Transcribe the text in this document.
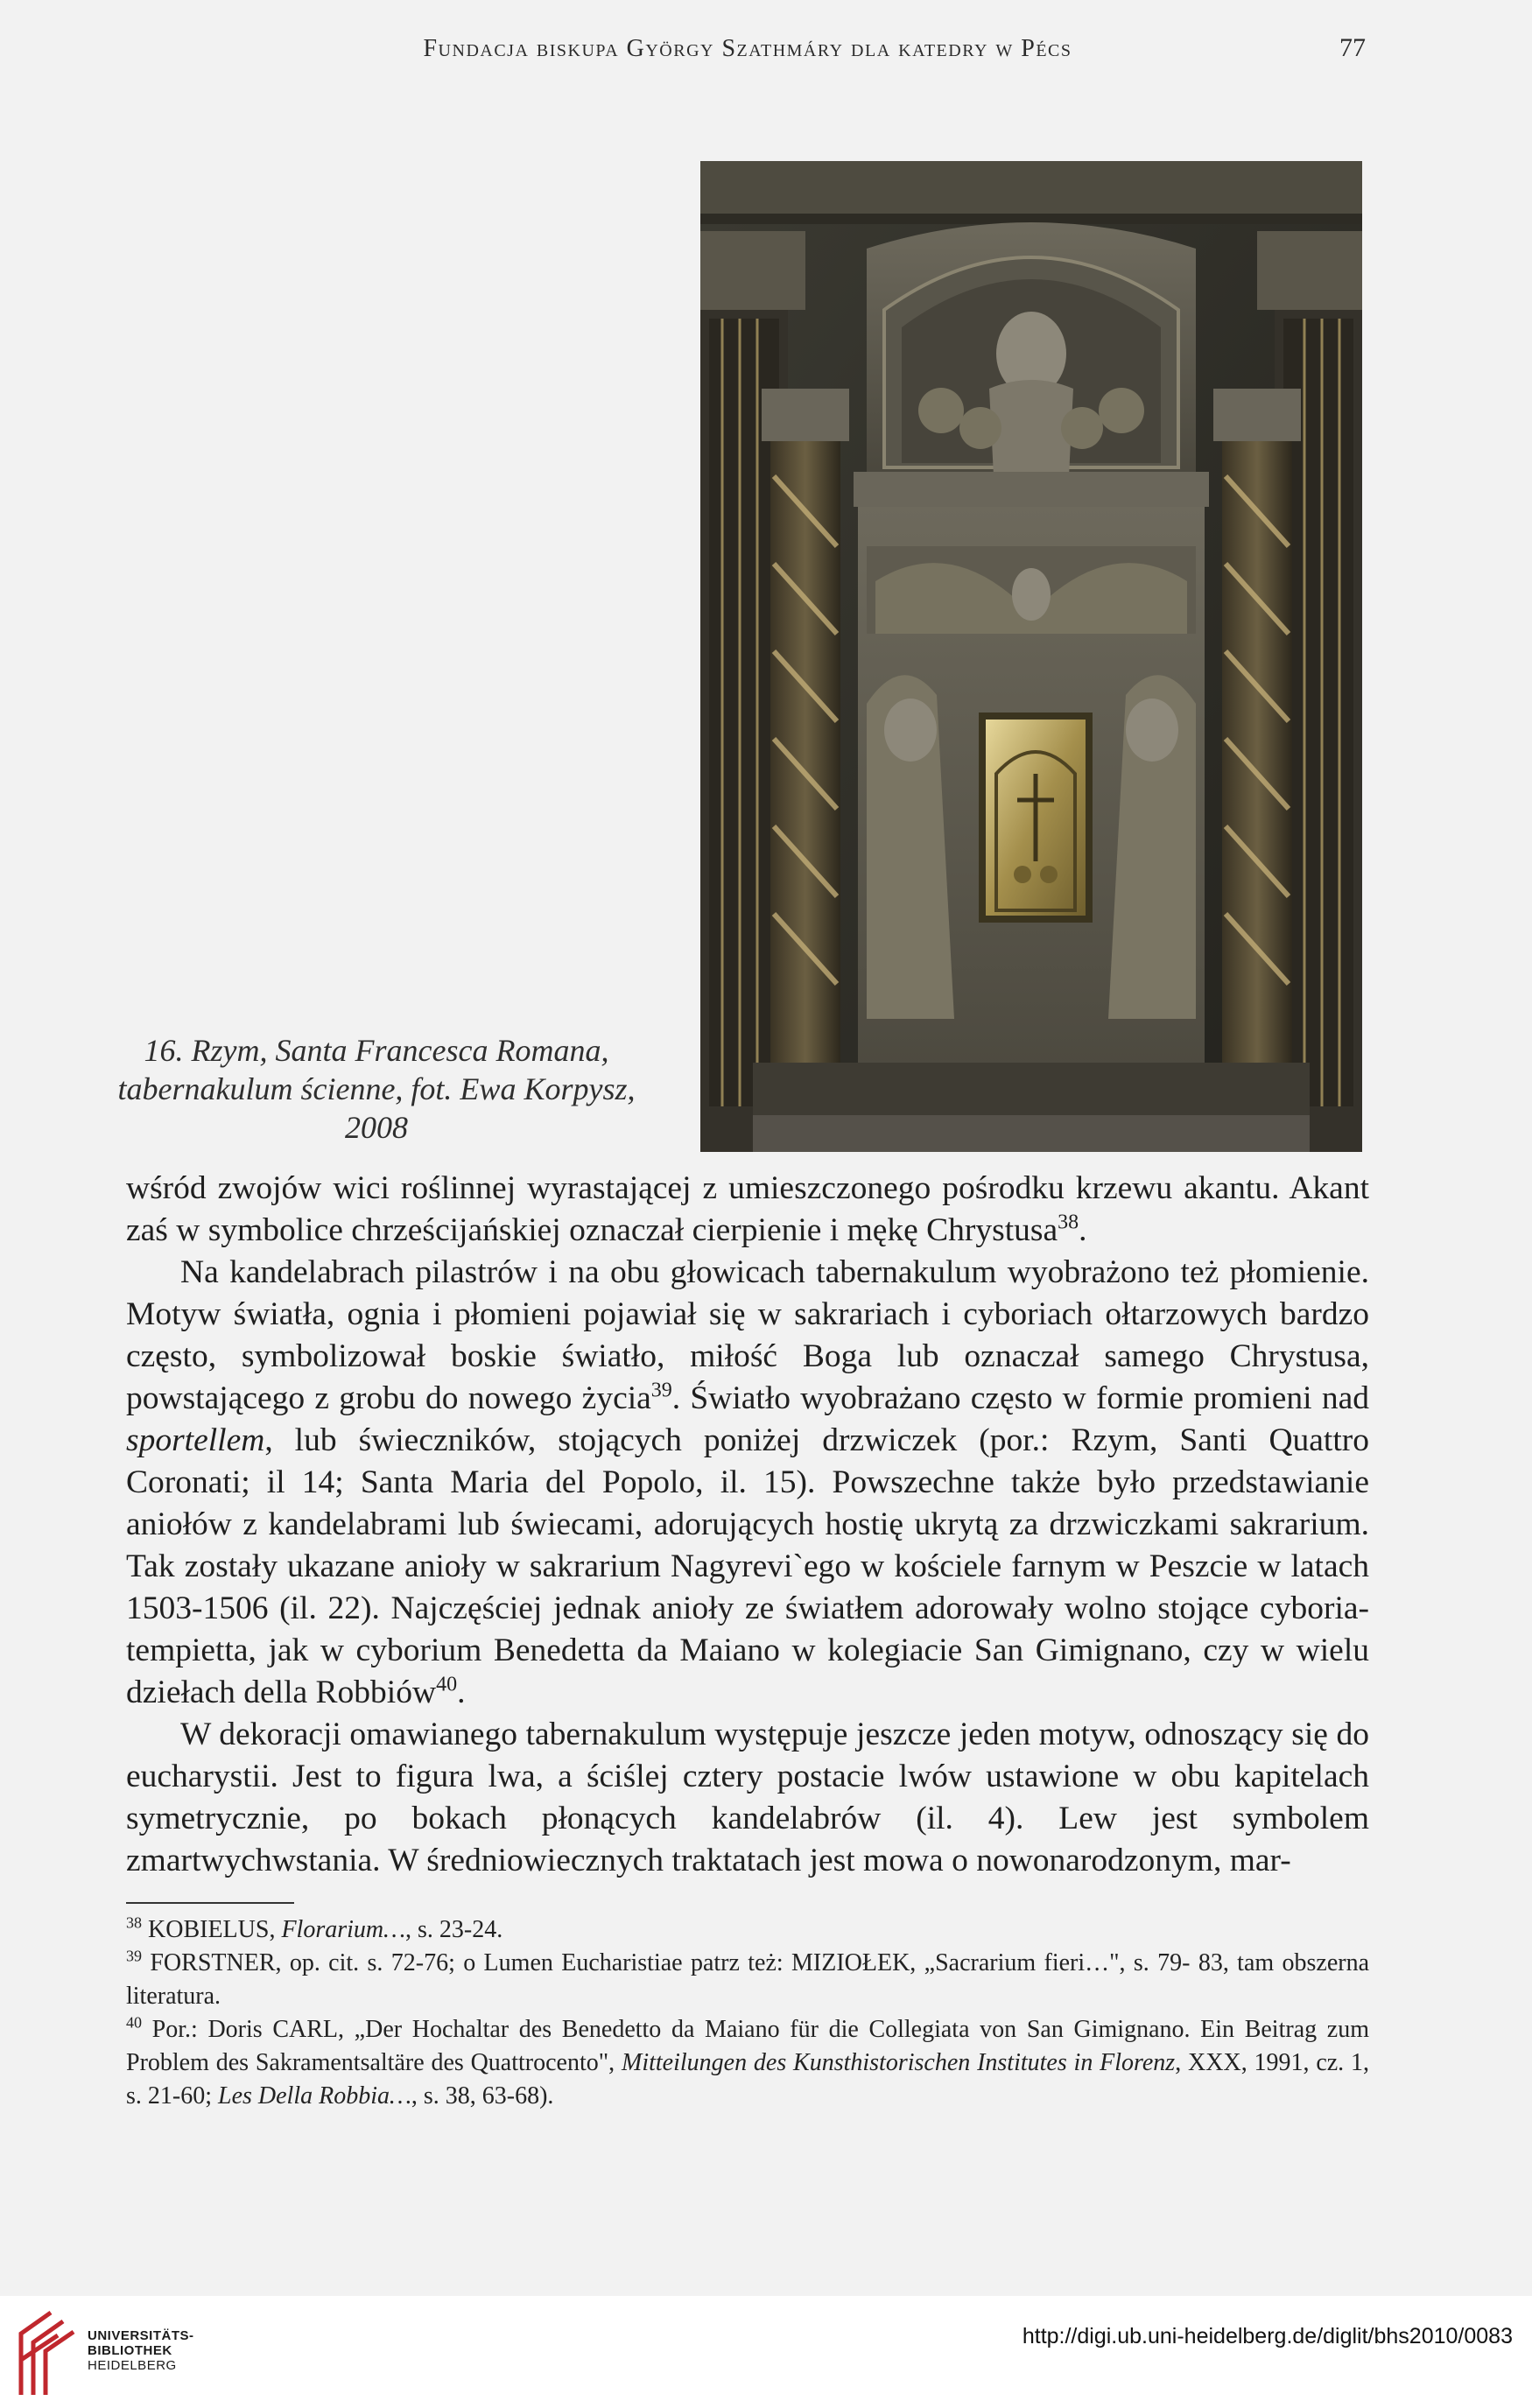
Fundacja biskupa György Szathmáry dla katedry w Pécs	77
16. Rzym, Santa Francesca Romana,
tabernakulum ścienne, fot. Ewa Korpysz,
2008

wśród zwojów wici roślinnej wyrastającej z umieszczonego pośrodku krzewu akantu. Akant zaś w symbolice chrześcijańskiej oznaczał cierpienie i mękę Chrystusa$^{38}$.

Na kandelabrach pilastrów i na obu głowicach tabernakulum wyobrażono też płomienie. Motyw światła, ognia i płomieni pojawiał się w sakrariach i cyboriach ołtarzowych bardzo często, symbolizował boskie światło, miłość Boga lub oznaczał samego Chrystusa, powstającego z grobu do nowego życia$^{39}$. Światło wyobrażano często w formie promieni nad sportellem, lub świeczników, stojących poniżej drzwiczek (por.: Rzym, Santi Quattro Coronati; il 14; Santa Maria del Popolo, il. 15). Powszechne także było przedstawianie aniołów z kandelabrami lub świecami, adorujących hostię ukrytą za drzwiczkami sakrarium. Tak zostały ukazane anioły w sakrarium Nagyrevi`ego w kościele farnym w Peszcie w latach 1503-1506 (il. 22). Najczęściej jednak anioły ze światłem adorowały wolno stojące cyboria-tempietta, jak w cyborium Benedetta da Maiano w kolegiacie San Gimignano, czy w wielu dziełach della Robbiów$^{40}$.

W dekoracji omawianego tabernakulum występuje jeszcze jeden motyw, odnoszący się do eucharystii. Jest to figura lwa, a ściślej cztery postacie lwów ustawione w obu kapitelach symetrycznie, po bokach płonących kandelabrów (il. 4). Lew jest symbolem zmartwychwstania. W średniowiecznych traktatach jest mowa o nowonarodzonym, mar-

$^{38}$ KOBIELUS, Florarium…, s. 23-24.

$^{39}$ FORSTNER, op. cit. s. 72-76; o Lumen Eucharistiae patrz też: MIZIOŁEK, „Sacrarium fieri…", s. 79- 83, tam obszerna literatura.

$^{40}$ Por.: Doris CARL, „Der Hochaltar des Benedetto da Maiano für die Collegiata von San Gimignano. Ein Beitrag zum Problem des Sakramentsaltäre des Quattrocento", Mitteilungen des Kunsthistorischen Institutes in Florenz, XXX, 1991, cz. 1, s. 21-60; Les Della Robbia…, s. 38, 63-68).

UNIVERSITÄTS-
BIBLIOTHEK
HEIDELBERG
http://digi.ub.uni-heidelberg.de/diglit/bhs2010/0083
